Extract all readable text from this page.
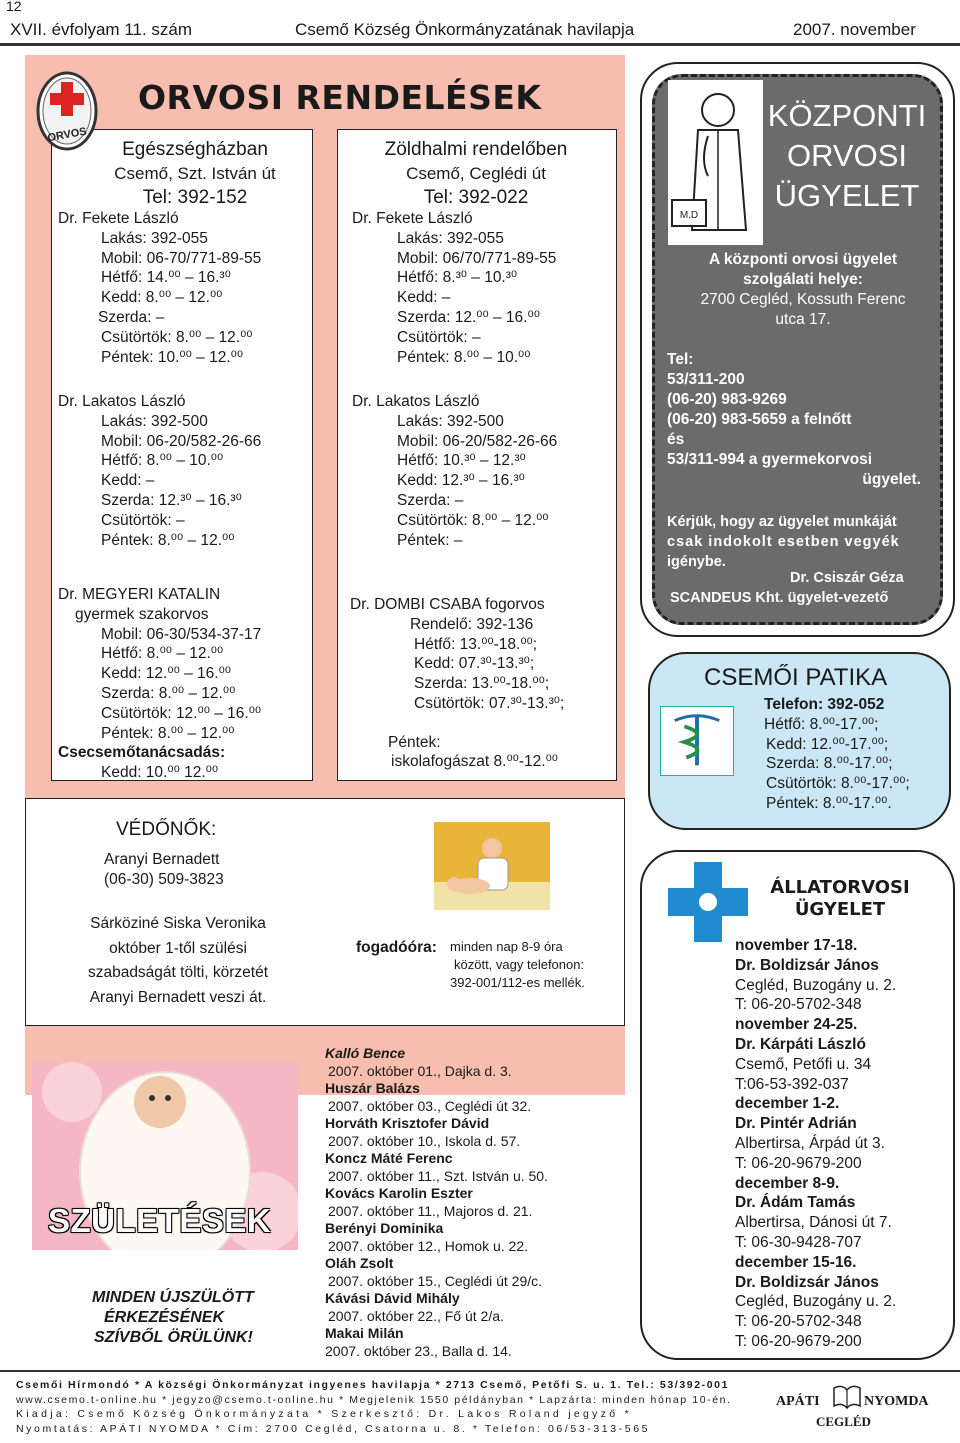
12
XVII. évfolyam 11. szám	Csemő Község Önkormányzatának havilapja	2007. november
ORVOS
ORVOSI RENDELÉSEK

Egészségházban

Csemő, Szt. István út

Tel: 392-152

Dr. Fekete László

Lakás: 392-055

Mobil: 06-70/771-89-55

Hétfő: 14.⁰⁰ – 16.³⁰

Kedd: 8.⁰⁰ – 12.⁰⁰

Szerda: –

Csütörtök: 8.⁰⁰ – 12.⁰⁰

Péntek: 10.⁰⁰ – 12.⁰⁰

Dr. Lakatos László

Lakás: 392-500

Mobil: 06-20/582-26-66

Hétfő: 8.⁰⁰ – 10.⁰⁰

Kedd: –

Szerda: 12.³⁰ – 16.³⁰

Csütörtök: –

Péntek: 8.⁰⁰ – 12.⁰⁰

Dr. MEGYERI KATALIN

gyermek szakorvos

Mobil: 06-30/534-37-17

Hétfő: 8.⁰⁰ – 12.⁰⁰

Kedd: 12.⁰⁰ – 16.⁰⁰

Szerda: 8.⁰⁰ – 12.⁰⁰

Csütörtök: 12.⁰⁰ – 16.⁰⁰

Péntek: 8.⁰⁰ – 12.⁰⁰

Csecsemőtanácsadás:

Kedd: 10.⁰⁰ 12.⁰⁰

Zöldhalmi rendelőben

Csemő, Ceglédi út

Tel: 392-022

Dr. Fekete László

Lakás: 392-055

Mobil: 06/70/771-89-55

Hétfő: 8.³⁰ – 10.³⁰

Kedd: –

Szerda: 12.⁰⁰ – 16.⁰⁰

Csütörtök: –

Péntek: 8.⁰⁰ – 10.⁰⁰

Dr. Lakatos László

Lakás: 392-500

Mobil: 06-20/582-26-66

Hétfő: 10.³⁰ – 12.³⁰

Kedd: 12.³⁰ – 16.³⁰

Szerda: –

Csütörtök: 8.⁰⁰ – 12.⁰⁰

Péntek: –

Dr. DOMBI CSABA fogorvos

Rendelő: 392-136

Hétfő: 13.⁰⁰-18.⁰⁰;

Kedd: 07.³⁰-13.³⁰;

Szerda: 13.⁰⁰-18.⁰⁰;

Csütörtök: 07.³⁰-13.³⁰;

Péntek:

iskolafogászat 8.⁰⁰-12.⁰⁰

VÉDŐNŐK:

Aranyi Bernadett

(06-30) 509-3823

Sárköziné Siska Veronika

október 1-től szülési

szabadságát tölti, körzetét

Aranyi Bernadett veszi át.

fogadóóra: minden nap 8-9 óra

között, vagy telefonon:

392-001/112-es mellék.

SZÜLETÉSEK

MINDEN ÚJSZÜLÖTT

ÉRKEZÉSÉNEK

SZÍVBŐL ÖRÜLÜNK!

Kalló Bence

2007. október 01., Dajka d. 3.

Huszár Balázs

2007. október 03., Ceglédi út 32.

Horváth Krisztofer Dávid

2007. október 10., Iskola d. 57.

Koncz Máté Ferenc

2007. október 11., Szt. István u. 50.

Kovács Karolin Eszter

2007. október 11., Majoros d. 21.

Berényi Dominika

2007. október 12., Homok u. 22.

Oláh Zsolt

2007. október 15., Ceglédi út 29/c.

Kávási Dávid Mihály

2007. október 22., Fő út 2/a.

Makai Milán

2007. október 23., Balla d. 14.

M.D

KÖZPONTI

ORVOSI

ÜGYELET

A központi orvosi ügyelet

szolgálati helye:

2700 Cegléd, Kossuth Ferenc

utca 17.

Tel:

53/311-200

(06-20) 983-9269

(06-20) 983-5659 a felnőtt

és

53/311-994 a gyermekorvosi

ügyelet.

Kérjük, hogy az ügyelet munkáját

csak indokolt esetben vegyék

igénybe.

Dr. Csiszár Géza

SCANDEUS Kht. ügyelet-vezető

CSEMŐI PATIKA

Telefon: 392-052

Hétfő: 8.⁰⁰-17.⁰⁰;

Kedd: 12.⁰⁰-17.⁰⁰;

Szerda: 8.⁰⁰-17.⁰⁰;

Csütörtök: 8.⁰⁰-17.⁰⁰;

Péntek: 8.⁰⁰-17.⁰⁰.

ÁLLATORVOSI

ÜGYELET

november 17-18.

Dr. Boldizsár János

Cegléd, Buzogány u. 2.

T: 06-20-5702-348

november 24-25.

Dr. Kárpáti László

Csemő, Petőfi u. 34

T:06-53-392-037

december 1-2.

Dr. Pintér Adrián

Albertirsa, Árpád út 3.

T: 06-20-9679-200

december 8-9.

Dr. Ádám Tamás

Albertirsa, Dánosi út 7.

T: 06-30-9428-707

december 15-16.

Dr. Boldizsár János

Cegléd, Buzogány u. 2.

T: 06-20-5702-348

T: 06-20-9679-200

Csemői Hírmondó * A községi Önkormányzat ingyenes havilapja * 2713 Csemő, Petőfi S. u. 1. Tel.: 53/392-001

www.csemo.t-online.hu * jegyzo@csemo.t-online.hu * Megjelenik 1550 példányban * Lapzárta: minden hónap 10-én.

Kiadja: Csemő Község Önkormányzata * Szerkesztő: Dr. Lakos Roland jegyző *

Nyomtatás: APÁTI NYOMDA * Cím: 2700 Cegléd, Csatorna u. 8. * Telefon: 06/53-313-565

APÁTI	NYOMDA
CEGLÉD
